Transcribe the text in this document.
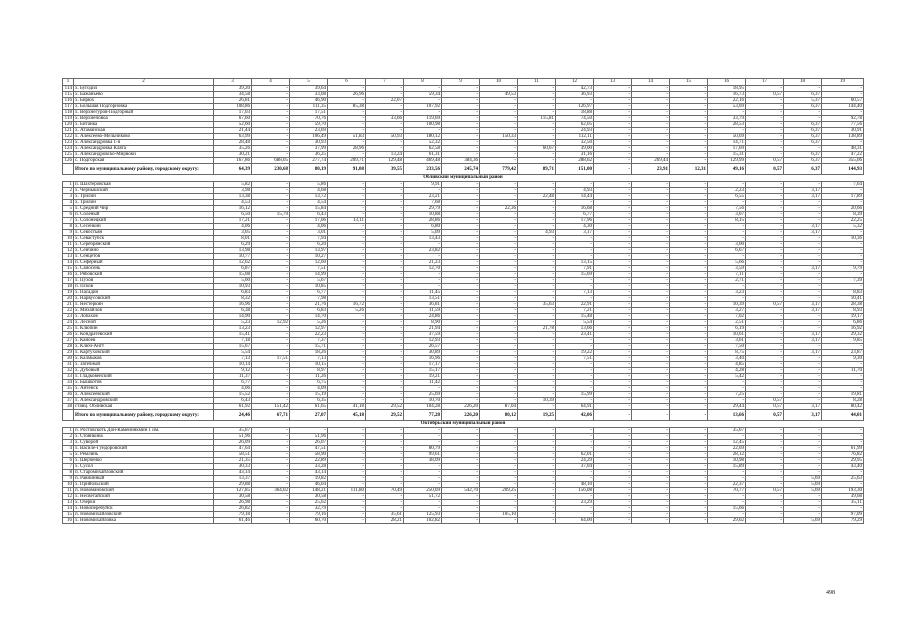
1	2	3	4	5	6	7	8	9	10	11	12	13	14	15	16	17	18	19
114	х. Бугодил	39,20	-	39,64	-	-	-	-	-	-	42,73	-	-	-	18,95	-	-	-
115	х. Бажаньево	34,58	-	33,08	26,96	-	59,34	-	49,53	-	36,93	-	-	-	16,73	0,57	6,37	-
116	х. Бирюх	26,81	-	46,90	-	22,07	-	-	-	-	-	-	-	-	22,16	-	5,37	60,57
117	х. Большая Подгорновка	108,86	-	111,35	85,38	-	107,92	-	-	-	126,97	-	-	-	53,69	-	6,37	144,40
118	х. Верхнегуров-Подгорный	17,03	-	17,51	-	-	-	-	-	-	18,88	-	-	-	-	-	-	-
119	х. Верхнеповоа	67,60	-	70,76	-	33,66	119,69	-	-	115,81	74,50	-	-	-	33,79	-	-	92,78
120	х. Битанка	52,60	-	59,70	-	-	100,98	-	-	-	62,05	-	-	-	28,53	-	6,37	77,56
121	х. Атаманская	21,44	-	23,69	-	-	-	-	-	-	24,93	-	-	-	-	-	6,37	30,91
122	х. Алексеево-Мельниково	63,99	-	106,49	51,83	50,93	180,12	-	150,33	-	112,11	-	-	-	50,69	-	6,37	138,89
123	х. Александровка 1-я	28,48	-	30,93	-	-	52,32	-	-	-	32,50	-	-	-	14,71	-	6,37	-
124	х. Александровка Кляга	35,26	-	37,99	28,96	-	62,58	-	-	60,67	39,00	-	-	-	17,69	-	-	48,31
125	х. Александровско-Мирвоки	30,21	-	36,25	-	13,24	61,31	-	-	-	31,16	-	-	-	15,31	-	6,37	47,22
126	с. Подгорская	167,86	688,05	277,74	209,71	129,48	469,48	384,36	-	-	288,62	-	269,44	-	129,99	0,57	6,37	355,06
	Итого по муниципальному району, городскому округу:	64,39	230,68	80,19	91,08	39,55	233,56	245,74	779,42	89,71	151,00	-	23,91	12,31	49,16	0,57	6,37	144,93
Обливский муниципальный район																		
1	п. Шахтёровская	5,82	-	5,86	-	-	9,91	-	-	-	-	-	-	-	-	-	-	7,64
2	х. Чернышский	3,98	-	4,68	-	-	-	-	-	-	4,93	-	-	-	2,23	-	3,17	-
3	х. Трилин	13,38	-	13,72	-	-	23,21	-	-	22,48	14,44	-	-	-	6,55	-	3,17	17,89
4	х. Трилин	4,53	-	4,54	-	-	7,68	-	-	-	-	-	-	-	-	-	-	-
5	х. Средний Чир	16,12	-	15,84	-	-	29,79	-	22,36	-	16,68	-	-	-	7,56	-	-	20,66
6	п. Солёный	6,50	15,79	6,43	-	-	10,88	-	-	-	6,77	-	-	-	3,07	-	-	8,39
7	х. Солонецкий	17,21	-	17,06	13,11	-	28,86	-	-	-	17,96	-	-	-	8,15	-	-	22,25
8	х. Сесенкин	4,06	-	4,06	-	-	6,80	-	-	-	4,30	-	-	-	-	-	3,17	5,32
9	х. Севостьян	3,05	-	3,01	-	-	5,09	-	-	4,93	3,17	-	-	-	-	-	3,17	-
10	х. Севастубск	8,01	-	7,94	-	-	13,43	-	-	-	-	-	-	-	-	-	-	10,36
11	х. Серебрянский	6,29	-	6,20	-	-	-	-	-	-	-	-	-	-	3,00	-	-	-
12	х. Сенчино	13,98	-	13,97	-	-	23,82	-	-	-	-	-	-	-	6,67	-	-	-
13	х. Сенцетов	10,77	-	10,27	-	-	-	-	-	-	-	-	-	-	-	-	-	-
14	п. Сеферный	12,62	-	12,60	-	-	21,23	-	-	-	13,15	-	-	-	5,66	-	-	-
15	х. Саносень	6,87	-	7,51	-	-	12,70	-	-	-	7,91	-	-	-	3,59	-	3,17	9,79
16	х. Рябовский	15,08	-	14,99	-	-	-	-	-	-	15,69	-	-	-	7,11	-	-	-
17	х. Пухов	5,60	-	5,67	-	-	-	-	-	-	-	-	-	-	2,71	-	-	7,39
18	п. Псков	10,93	-	10,85	-	-	-	-	-	-	-	-	-	-	-	-	-	-
19	х. Пасадин	6,83	-	6,77	-	-	11,45	-	-	-	7,13	-	-	-	3,23	-	-	8,83
20	х. Нарвусовский	8,32	-	7,98	-	-	13,51	-	-	-	-	-	-	-	-	-	-	10,41
21	х. Нестеркин	16,96	-	21,76	16,72	-	36,81	-	-	35,63	22,91	-	-	-	10,39	0,57	3,17	28,38
22	х. Михайлов	6,38	-	6,83	5,26	-	11,59	-	-	-	7,21	-	-	-	3,27	-	3,17	8,93
23	х. Лобахов	14,90	-	14,70	-	-	24,86	-	-	-	15,48	-	-	-	7,02	-	-	19,17
24	х. Лесной	5,23	12,92	5,26	-	-	8,90	-	-	-	5,54	-	-	-	2,51	-	-	6,86
25	х. Клюпин	13,23	-	12,97	-	-	21,94	-	-	21,78	13,66	-	-	-	6,19	-	-	16,92
26	х. Кондратевский	15,41	-	22,23	-	-	37,59	-	-	-	23,41	-	-	-	10,61	-	3,17	29,32
27	х. Каноев	7,18	-	7,37	-	-	12,93	-	-	-	-	-	-	-	3,61	-	3,17	9,85
28	х. Ключ-Ангт	15,67	-	15,71	-	-	26,57	-	-	-	-	-	-	-	7,50	-	-	-
29	х. Картуховский	5,54	-	18,26	-	-	30,89	-	-	-	19,22	-	-	-	8,75	-	3,17	23,87
30	х. Калмыков	7,13	17,51	7,13	-	-	16,96	-	-	-	7,51	-	-	-	3,40	-	-	9,30
31	х. Затечный	10,14	-	10,15	-	-	17,17	-	-	-	-	-	-	-	4,85	-	-	-
32	х. Дубовый	9,12	-	8,97	-	-	15,17	-	-	-	-	-	-	-	4,28	-	-	11,70
33	х. Гладковенский	11,37	-	11,26	-	-	19,21	-	-	-	-	-	-	-	5,42	-	-	-
34	х. Бышкотов	6,77	-	6,75	-	-	11,42	-	-	-	-	-	-	-	-	-	-	-
35	х. Антенск	4,06	-	4,09	-	-	-	-	-	-	-	-	-	-	-	-	-	-
36	х. Алексеевский	15,52	-	15,19	-	-	25,69	-	-	-	15,99	-	-	-	7,25	-	-	19,81
37	х. Александровский	6,43	-	6,35	-	-	10,70	-	-	10,39	-	-	-	-	-	0,57	-	8,28
38	станц. Обливская	61,92	151,42	61,65	41,18	29,52	104,28	226,20	87,04	-	64,91	-	-	-	29,44	0,57	3,17	80,42
	Итого по муниципальному району, городскому округу:	24,46	67,71	27,07	45,18	29,52	77,28	226,20	80,12	19,25	42,06	-	-	-	13,66	0,57	3,17	44,01
Октябрьский муниципальный район																		
1	п. Ростовскоть Дон-Каменинкмин 1 им.	35,67	-	-	-	-	-	-	-	-	-	-	-	-	35,67	-	-	-
2	х. Стоянкина	51,96	-	51,96	-	-	-	-	-	-	-	-	-	-	-	-	-	-
3	х. Суворой	26,09	-	26,07	-	-	-	-	-	-	-	-	-	-	12,45	-	-	-
4	х. Василе-Гундоровский	47,64	-	47,51	-	-	80,79	-	-	-	-	-	-	-	22,69	-	-	61,99
5	х. Ремлинь	58,51	-	58,90	-	-	99,61	-	-	-	62,01	-	-	-	28,12	-	-	76,82
6	х. Шерченко	21,35	-	22,89	-	-	38,09	-	-	-	24,29	-	-	-	10,98	-	-	29,95
7	х. Сусол	30,33	-	33,28	-	-	-	-	-	-	37,04	-	-	-	15,89	-	-	43,40
8	п. Старомихайловский	43,14	-	43,14	-	-	-	-	-	-	-	-	-	-	-	-	-	-
9	п. Равнинный	13,37	-	19,82	-	-	-	-	-	-	-	-	-	-	-	-	5,69	25,63
10	х. Прийольский	29,88	-	46,04	-	-	-	-	-	-	48,10	-	-	-	22,37	-	5,69	-
11	п. Новомановский	127,85	364,02	148,21	111,80	70,49	250,69	542,70	209,25	-	156,08	-	-	-	70,77	0,57	5,69	193,30
12	х. Несветайский	30,58	-	30,58	-	-	51,72	-	-	-	-	-	-	-	-	-	-	39,68
13	х. Озёрки	26,98	-	25,62	-	-	-	-	-	-	23,29	-	-	-	-	-	-	35,11
14	х. Новоперебуйск	26,82	-	32,79	-	-	-	-	-	-	-	-	-	-	15,66	-	-	-
15	п. Новомихайловский	79,18	-	79,16	-	35,61	125,93	-	105,10	-	-	-	-	-	-	-	-	97,09
16	х. Новомихайловка	61,46	-	60,70	-	28,21	102,82	-	-	-	64,00	-	-	-	29,02	-	5,69	79,29
498
